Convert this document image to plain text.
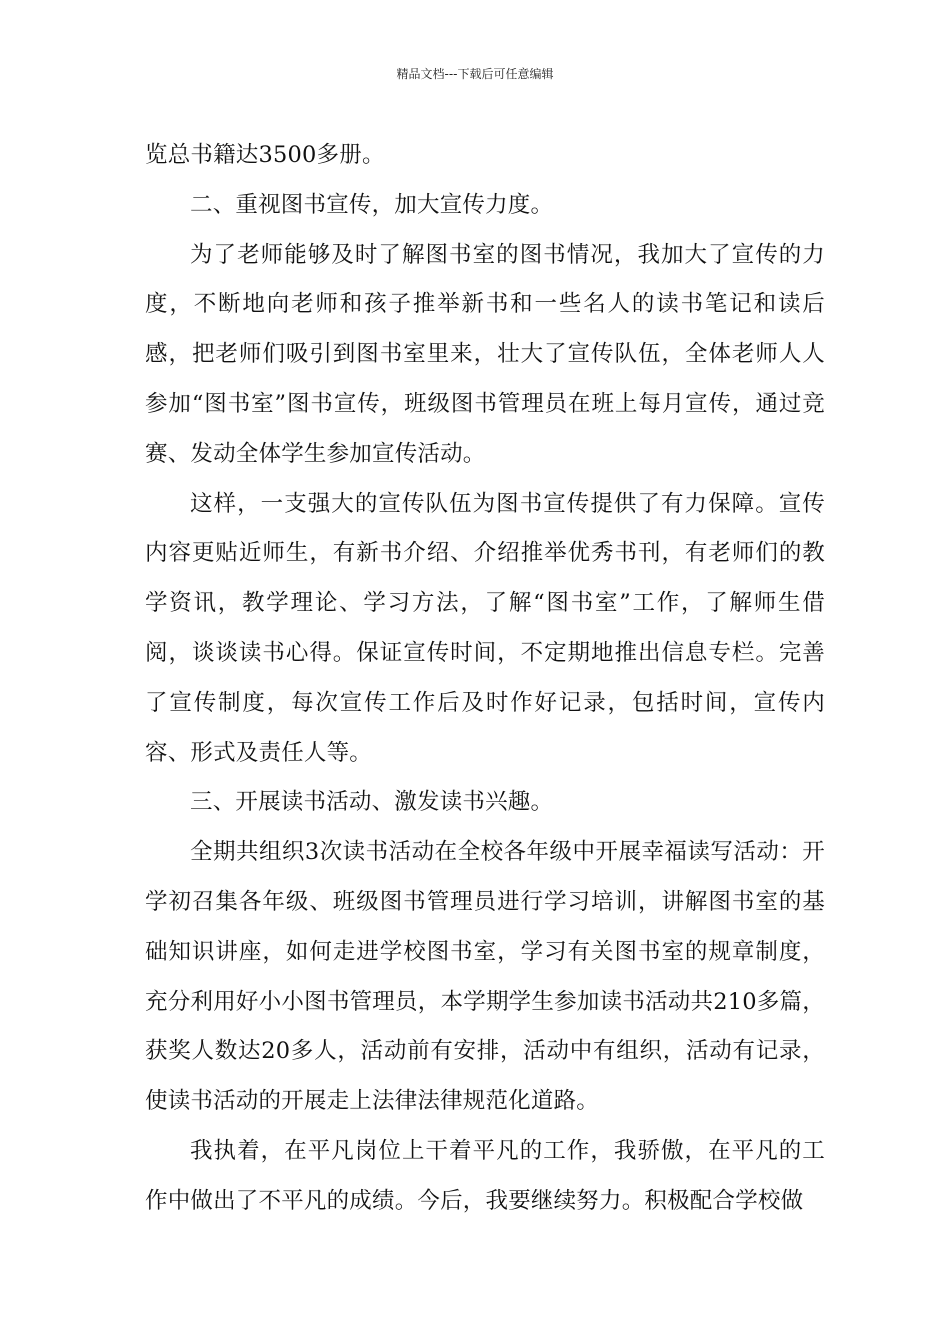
精品文档---下载后可任意编辑

览总书籍达3500多册。

二、重视图书宣传，加大宣传力度。

为了老师能够及时了解图书室的图书情况，我加大了宣传的力度，不断地向老师和孩子推举新书和一些名人的读书笔记和读后感，把老师们吸引到图书室里来，壮大了宣传队伍，全体老师人人参加“图书室”图书宣传，班级图书管理员在班上每月宣传，通过竞赛、发动全体学生参加宣传活动。

这样，一支强大的宣传队伍为图书宣传提供了有力保障。宣传内容更贴近师生，有新书介绍、介绍推举优秀书刊，有老师们的教学资讯，教学理论、学习方法，了解“图书室”工作，了解师生借阅，谈谈读书心得。保证宣传时间，不定期地推出信息专栏。完善了宣传制度，每次宣传工作后及时作好记录，包括时间，宣传内容、形式及责任人等。

三、开展读书活动、激发读书兴趣。

全期共组织3次读书活动在全校各年级中开展幸福读写活动：开学初召集各年级、班级图书管理员进行学习培训，讲解图书室的基础知识讲座，如何走进学校图书室，学习有关图书室的规章制度，充分利用好小小图书管理员，本学期学生参加读书活动共210多篇，获奖人数达20多人，活动前有安排，活动中有组织，活动有记录，使读书活动的开展走上法律法律规范化道路。

我执着，在平凡岗位上干着平凡的工作，我骄傲，在平凡的工作中做出了不平凡的成绩。今后，我要继续努力。积极配合学校做
